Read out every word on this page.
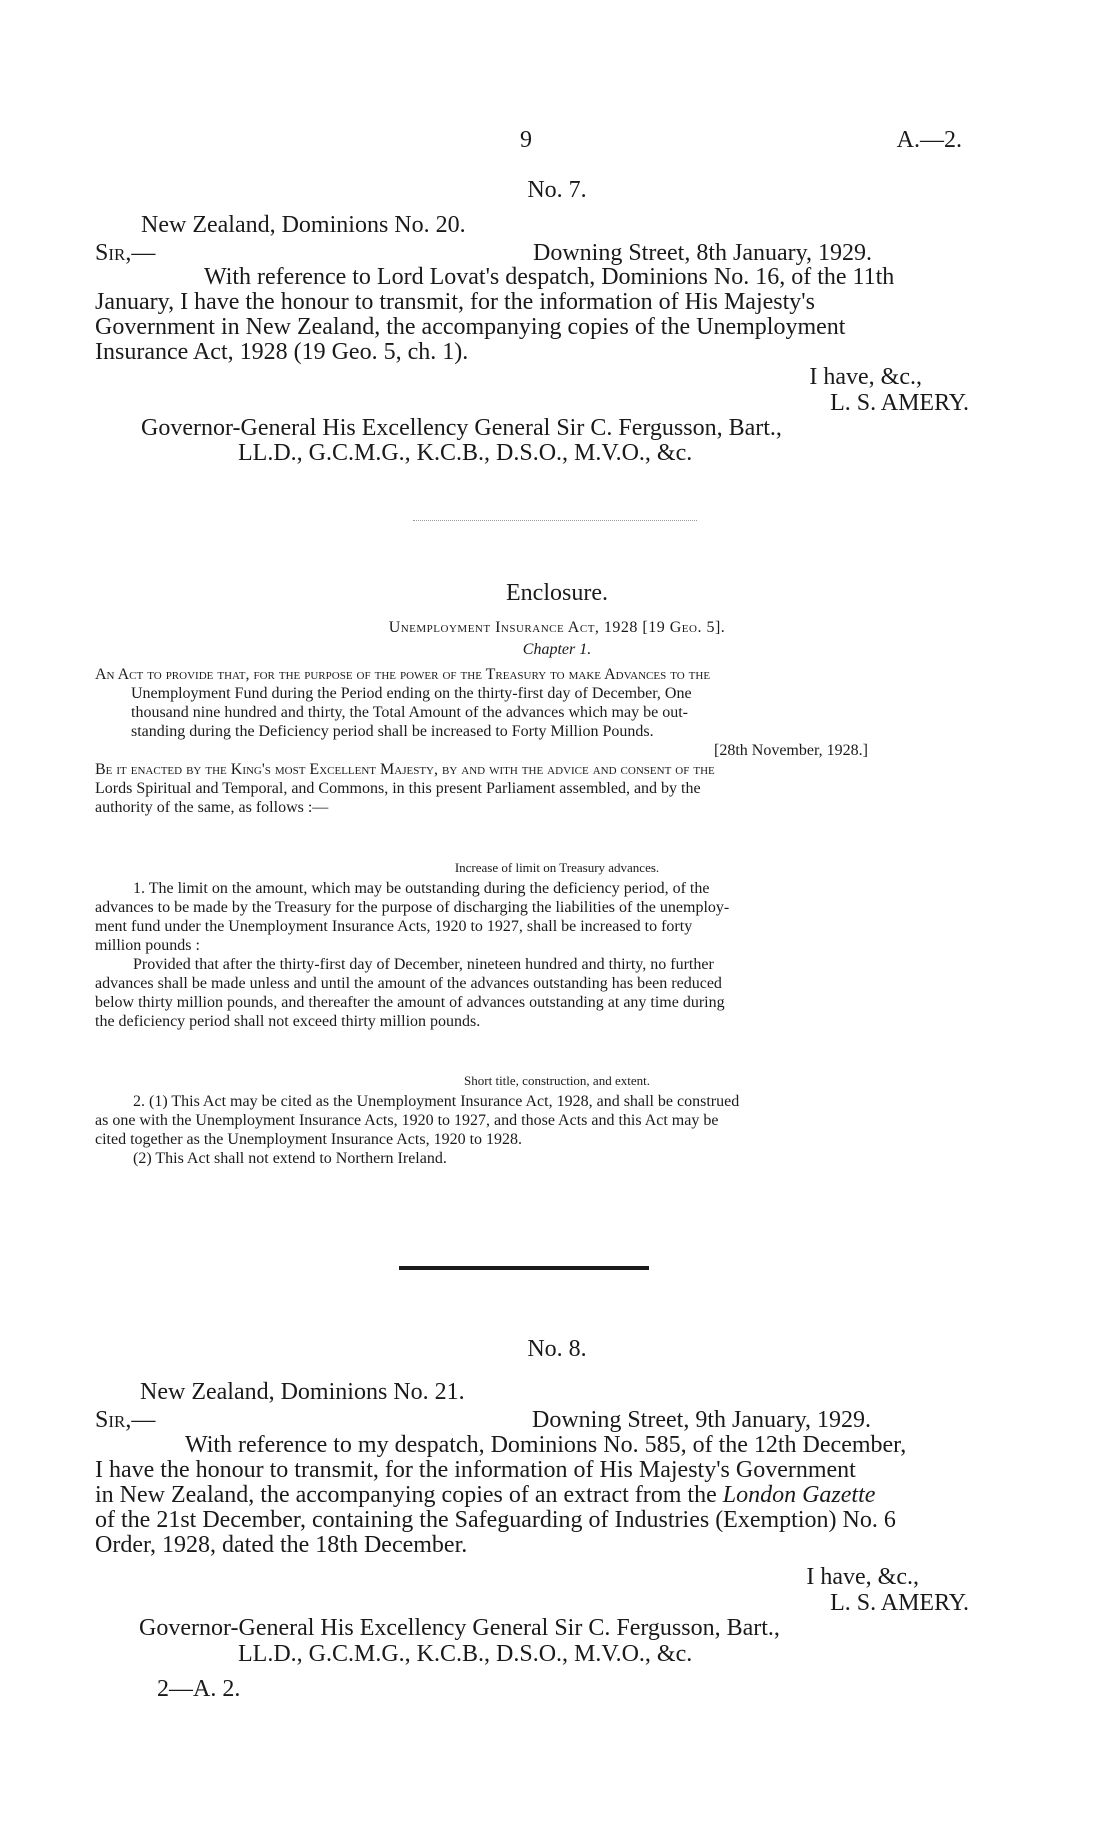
9	A.—2.
No. 7.
New Zealand, Dominions No. 20.
Sir,—	Downing Street, 8th January, 1929.
With reference to Lord Lovat's despatch, Dominions No. 16, of the 11th
January, I have the honour to transmit, for the information of His Majesty's
Government in New Zealand, the accompanying copies of the Unemployment
Insurance Act, 1928 (19 Geo. 5, ch. 1).
I have, &c.,
L. S. AMERY.
Governor-General His Excellency General Sir C. Fergusson, Bart.,
LL.D., G.C.M.G., K.C.B., D.S.O., M.V.O., &c.
Enclosure.
Unemployment Insurance Act, 1928 [19 Geo. 5].
Chapter 1.
An Act to provide that, for the purpose of the power of the Treasury to make Advances to the
Unemployment Fund during the Period ending on the thirty-first day of December, One
thousand nine hundred and thirty, the Total Amount of the advances which may be out-
standing during the Deficiency period shall be increased to Forty Million Pounds.
[28th November, 1928.]
Be it enacted by the King's most Excellent Majesty, by and with the advice and consent of the
Lords Spiritual and Temporal, and Commons, in this present Parliament assembled, and by the
authority of the same, as follows :—
Increase of limit on Treasury advances.
1. The limit on the amount, which may be outstanding during the deficiency period, of the
advances to be made by the Treasury for the purpose of discharging the liabilities of the unemploy-
ment fund under the Unemployment Insurance Acts, 1920 to 1927, shall be increased to forty
million pounds :
Provided that after the thirty-first day of December, nineteen hundred and thirty, no further
advances shall be made unless and until the amount of the advances outstanding has been reduced
below thirty million pounds, and thereafter the amount of advances outstanding at any time during
the deficiency period shall not exceed thirty million pounds.
Short title, construction, and extent.
2. (1) This Act may be cited as the Unemployment Insurance Act, 1928, and shall be construed
as one with the Unemployment Insurance Acts, 1920 to 1927, and those Acts and this Act may be
cited together as the Unemployment Insurance Acts, 1920 to 1928.
(2) This Act shall not extend to Northern Ireland.
No. 8.
New Zealand, Dominions No. 21.
Sir,—	Downing Street, 9th January, 1929.
With reference to my despatch, Dominions No. 585, of the 12th December,
I have the honour to transmit, for the information of His Majesty's Government
in New Zealand, the accompanying copies of an extract from the London Gazette
of the 21st December, containing the Safeguarding of Industries (Exemption) No. 6
Order, 1928, dated the 18th December.
I have, &c.,
L. S. AMERY.
Governor-General His Excellency General Sir C. Fergusson, Bart.,
LL.D., G.C.M.G., K.C.B., D.S.O., M.V.O., &c.
2—A. 2.
